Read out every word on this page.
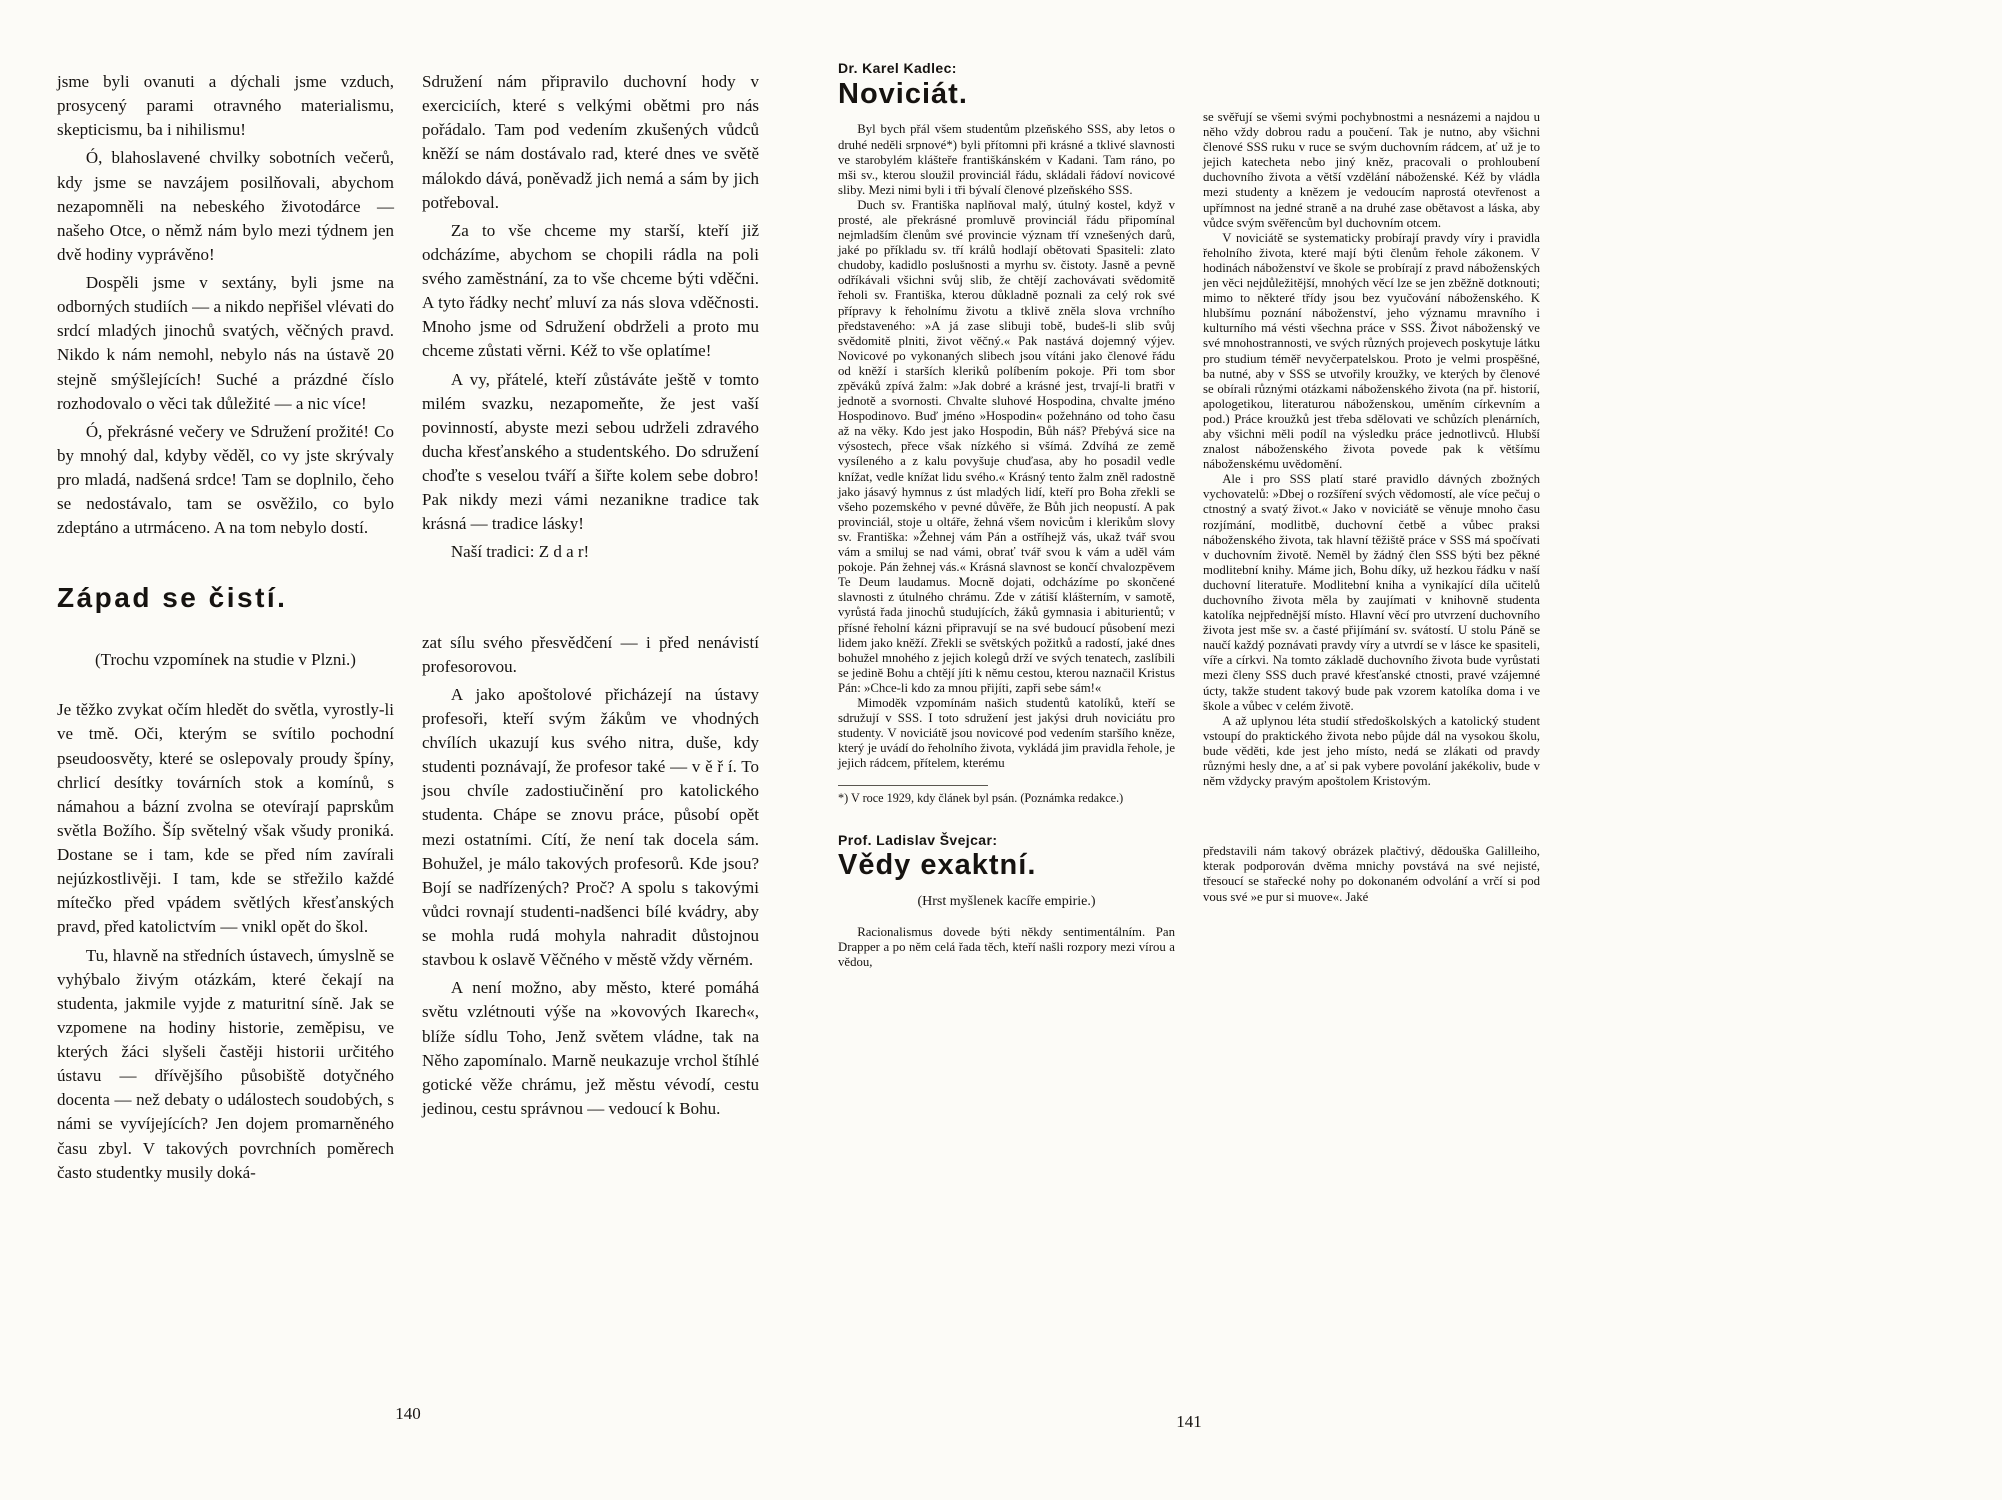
jsme byli ovanuti a dýchali jsme vzduch, prosycený parami otravného materialismu, skepticismu, ba i nihilismu!

Ó, blahoslavené chvilky sobotních večerů, kdy jsme se navzájem posilňovali, abychom nezapomněli na nebeského životodárce — našeho Otce, o němž nám bylo mezi týdnem jen dvě hodiny vyprávěno!

Dospěli jsme v sextány, byli jsme na odborných studiích — a nikdo nepřišel vlévati do srdcí mladých jinochů svatých, věčných pravd. Nikdo k nám nemohl, nebylo nás na ústavě 20 stejně smýšlejících! Suché a prázdné číslo rozhodovalo o věci tak důležité — a nic více!

Ó, překrásné večery ve Sdružení prožité! Co by mnohý dal, kdyby věděl, co vy jste skrývaly pro mladá, nadšená srdce! Tam se doplnilo, čeho se nedostávalo, tam se osvěžilo, co bylo zdeptáno a utrmáceno. A na tom nebylo dostí.

Západ se čistí.

(Trochu vzpomínek na studie v Plzni.)

Je těžko zvykat očím hledět do světla, vyrostly-li ve tmě. Oči, kterým se svítilo pochodní pseudoosvěty, které se oslepovaly proudy špíny, chrlicí desítky továrních stok a komínů, s námahou a bázní zvolna se otevírají paprskům světla Božího. Šíp světelný však všudy proniká. Dostane se i tam, kde se před ním zavírali nejúzkostlivěji. I tam, kde se střežilo každé mítečko před vpádem světlých křesťanských pravd, před katolictvím — vnikl opět do škol.

Tu, hlavně na středních ústavech, úmyslně se vyhýbalo živým otázkám, které čekají na studenta, jakmile vyjde z maturitní síně. Jak se vzpomene na hodiny historie, zeměpisu, ve kterých žáci slyšeli častěji historii určitého ústavu — dřívějšího působiště dotyčného docenta — než debaty o událostech soudobých, s námi se vyvíjejících? Jen dojem promarněného času zbyl. V takových povrchních poměrech často studentky musily doká-

Sdružení nám připravilo duchovní hody v exerciciích, které s velkými obětmi pro nás pořádalo. Tam pod vedením zkušených vůdců kněží se nám dostávalo rad, které dnes ve světě málokdo dává, poněvadž jich nemá a sám by jich potřeboval.

Za to vše chceme my starší, kteří již odcházíme, abychom se chopili rádla na poli svého zaměstnání, za to vše chceme býti vděčni. A tyto řádky nechť mluví za nás slova vděčnosti. Mnoho jsme od Sdružení obdrželi a proto mu chceme zůstati věrni. Kéž to vše oplatíme!

A vy, přátelé, kteří zůstáváte ještě v tomto milém svazku, nezapomeňte, že jest vaší povinností, abyste mezi sebou udrželi zdravého ducha křesťanského a studentského. Do sdružení choďte s veselou tváří a šiřte kolem sebe dobro! Pak nikdy mezi vámi nezanikne tradice tak krásná — tradice lásky!

Naší tradici: Z d a r!

zat sílu svého přesvědčení — i před nenávistí profesorovou.

A jako apoštolové přicházejí na ústavy profesoři, kteří svým žákům ve vhodných chvílích ukazují kus svého nitra, duše, kdy studenti poznávají, že profesor také — v ě ř í. To jsou chvíle zadostiučinění pro katolického studenta. Chápe se znovu práce, působí opět mezi ostatními. Cítí, že není tak docela sám. Bohužel, je málo takových profesorů. Kde jsou? Bojí se nadřízených? Proč? A spolu s takovými vůdci rovnají studenti-nadšenci bílé kvádry, aby se mohla rudá mohyla nahradit důstojnou stavbou k oslavě Věčného v městě vždy věrném.

A není možno, aby město, které pomáhá světu vzlétnouti výše na »kovových Ikarech«, blíže sídlu Toho, Jenž světem vládne, tak na Něho zapomínalo. Marně neukazuje vrchol štíhlé gotické věže chrámu, jež městu vévodí, cestu jedinou, cestu správnou — vedoucí k Bohu.

140
Dr. Karel Kadlec:
Noviciát.

Byl bych přál všem studentům plzeňského SSS, aby letos o druhé neděli srpnové*) byli přítomni při krásné a tklivé slavnosti ve starobylém klášteře františkánském v Kadani. Tam ráno, po mši sv., kterou sloužil provinciál řádu, skládali řádoví novicové sliby. Mezi nimi byli i tři bývalí členové plzeňského SSS.

Duch sv. Františka naplňoval malý, útulný kostel, když v prosté, ale překrásné promluvě provinciál řádu připomínal nejmladším členům své provincie význam tří vznešených darů, jaké po příkladu sv. tří králů hodlají obětovati Spasiteli: zlato chudoby, kadidlo poslušnosti a myrhu sv. čistoty. Jasně a pevně odříkávali všichni svůj slib, že chtějí zachovávati svědomitě řeholi sv. Františka, kterou důkladně poznali za celý rok své přípravy k řeholnímu životu a tklivě zněla slova vrchního představeného: »A já zase slibuji tobě, budeš-li slib svůj svědomitě plniti, život věčný.« Pak nastává dojemný výjev. Novicové po vykonaných slibech jsou vítáni jako členové řádu od kněží i starších kleriků políbením pokoje. Při tom sbor zpěváků zpívá žalm: »Jak dobré a krásné jest, trvají-li bratři v jednotě a svornosti. Chvalte sluhové Hospodina, chvalte jméno Hospodinovo. Buď jméno »Hospodin« požehnáno od toho času až na věky. Kdo jest jako Hospodin, Bůh náš? Přebývá sice na výsostech, přece však nízkého si všímá. Zdvíhá ze země vysíleného a z kalu povyšuje chuďasa, aby ho posadil vedle knížat, vedle knížat lidu svého.« Krásný tento žalm zněl radostně jako jásavý hymnus z úst mladých lidí, kteří pro Boha zřekli se všeho pozemského v pevné důvěře, že Bůh jich neopustí. A pak provinciál, stoje u oltáře, žehná všem novicům i klerikům slovy sv. Františka: »Žehnej vám Pán a ostříhejž vás, ukaž tvář svou vám a smiluj se nad vámi, obrať tvář svou k vám a uděl vám pokoje. Pán žehnej vás.« Krásná slavnost se končí chvalozpěvem Te Deum laudamus. Mocně dojati, odcházíme po skončené slavnosti z útulného chrámu. Zde v zátiší klášterním, v samotě, vyrůstá řada jinochů studujících, žáků gymnasia i abiturientů; v přísné řeholní kázni připravují se na své budoucí působení mezi lidem jako kněží. Zřekli se světských požitků a radostí, jaké dnes bohužel mnohého z jejich kolegů drží ve svých tenatech, zaslíbili se jedině Bohu a chtějí jíti k němu cestou, kterou naznačil Kristus Pán: »Chce-li kdo za mnou přijíti, zapři sebe sám!«

Mimoděk vzpomínám našich studentů katolíků, kteří se sdružují v SSS. I toto sdružení jest jakýsi druh noviciátu pro studenty. V noviciátě jsou novicové pod vedením staršího kněze, který je uvádí do řeholního života, vykládá jim pravidla řehole, je jejich rádcem, přítelem, kterému

*) V roce 1929, kdy článek byl psán. (Poznámka redakce.)

Prof. Ladislav Švejcar:
Vědy exaktní.

(Hrst myšlenek kacíře empirie.)

Racionalismus dovede býti někdy sentimentálním. Pan Drapper a po něm celá řada těch, kteří našli rozpory mezi vírou a vědou,

se svěřují se všemi svými pochybnostmi a nesnázemi a najdou u něho vždy dobrou radu a poučení. Tak je nutno, aby všichni členové SSS ruku v ruce se svým duchovním rádcem, ať už je to jejich katecheta nebo jiný kněz, pracovali o prohloubení duchovního života a větší vzdělání náboženské. Kéž by vládla mezi studenty a knězem je vedoucím naprostá otevřenost a upřímnost na jedné straně a na druhé zase obětavost a láska, aby vůdce svým svěřencům byl duchovním otcem.

V noviciátě se systematicky probírají pravdy víry i pravidla řeholního života, které mají býti členům řehole zákonem. V hodinách náboženství ve škole se probírají z pravd náboženských jen věci nejdůležitější, mnohých věcí lze se jen zběžně dotknouti; mimo to některé třídy jsou bez vyučování náboženského. K hlubšímu poznání náboženství, jeho významu mravního i kulturního má vésti všechna práce v SSS. Život náboženský ve své mnohostrannosti, ve svých různých projevech poskytuje látku pro studium téměř nevyčerpatelskou. Proto je velmi prospěšné, ba nutné, aby v SSS se utvořily kroužky, ve kterých by členové se obírali různými otázkami náboženského života (na př. historií, apologetikou, literaturou náboženskou, uměním církevním a pod.) Práce kroužků jest třeba sdělovati ve schůzích plenárních, aby všichni měli podíl na výsledku práce jednotlivců. Hlubší znalost náboženského života povede pak k většímu náboženskému uvědomění.

Ale i pro SSS platí staré pravidlo dávných zbožných vychovatelů: »Dbej o rozšíření svých vědomostí, ale více pečuj o ctnostný a svatý život.« Jako v noviciátě se věnuje mnoho času rozjímání, modlitbě, duchovní četbě a vůbec praksi náboženského života, tak hlavní těžiště práce v SSS má spočívati v duchovním životě. Neměl by žádný člen SSS býti bez pěkné modlitební knihy. Máme jich, Bohu díky, už hezkou řádku v naší duchovní literatuře. Modlitební kniha a vynikající díla učitelů duchovního života měla by zaujímati v knihovně studenta katolíka nejpřednější místo. Hlavní věcí pro utvrzení duchovního života jest mše sv. a časté přijímání sv. svátostí. U stolu Páně se naučí každý poznávati pravdy víry a utvrdí se v lásce ke spasiteli, víře a církvi. Na tomto základě duchovního života bude vyrůstati mezi členy SSS duch pravé křesťanské ctnosti, pravé vzájemné úcty, takže student takový bude pak vzorem katolíka doma i ve škole a vůbec v celém životě.

A až uplynou léta studií středoškolských a katolický student vstoupí do praktického života nebo půjde dál na vysokou školu, bude věděti, kde jest jeho místo, nedá se zlákati od pravdy různými hesly dne, a ať si pak vybere povolání jakékoliv, bude v něm vždycky pravým apoštolem Kristovým.

představili nám takový obrázek plačtivý, dědouška Galilleiho, kterak podporován dvěma mnichy povstává na své nejisté, třesoucí se stařecké nohy po dokonaném odvolání a vrčí si pod vous své »e pur si muove«. Jaké

141
